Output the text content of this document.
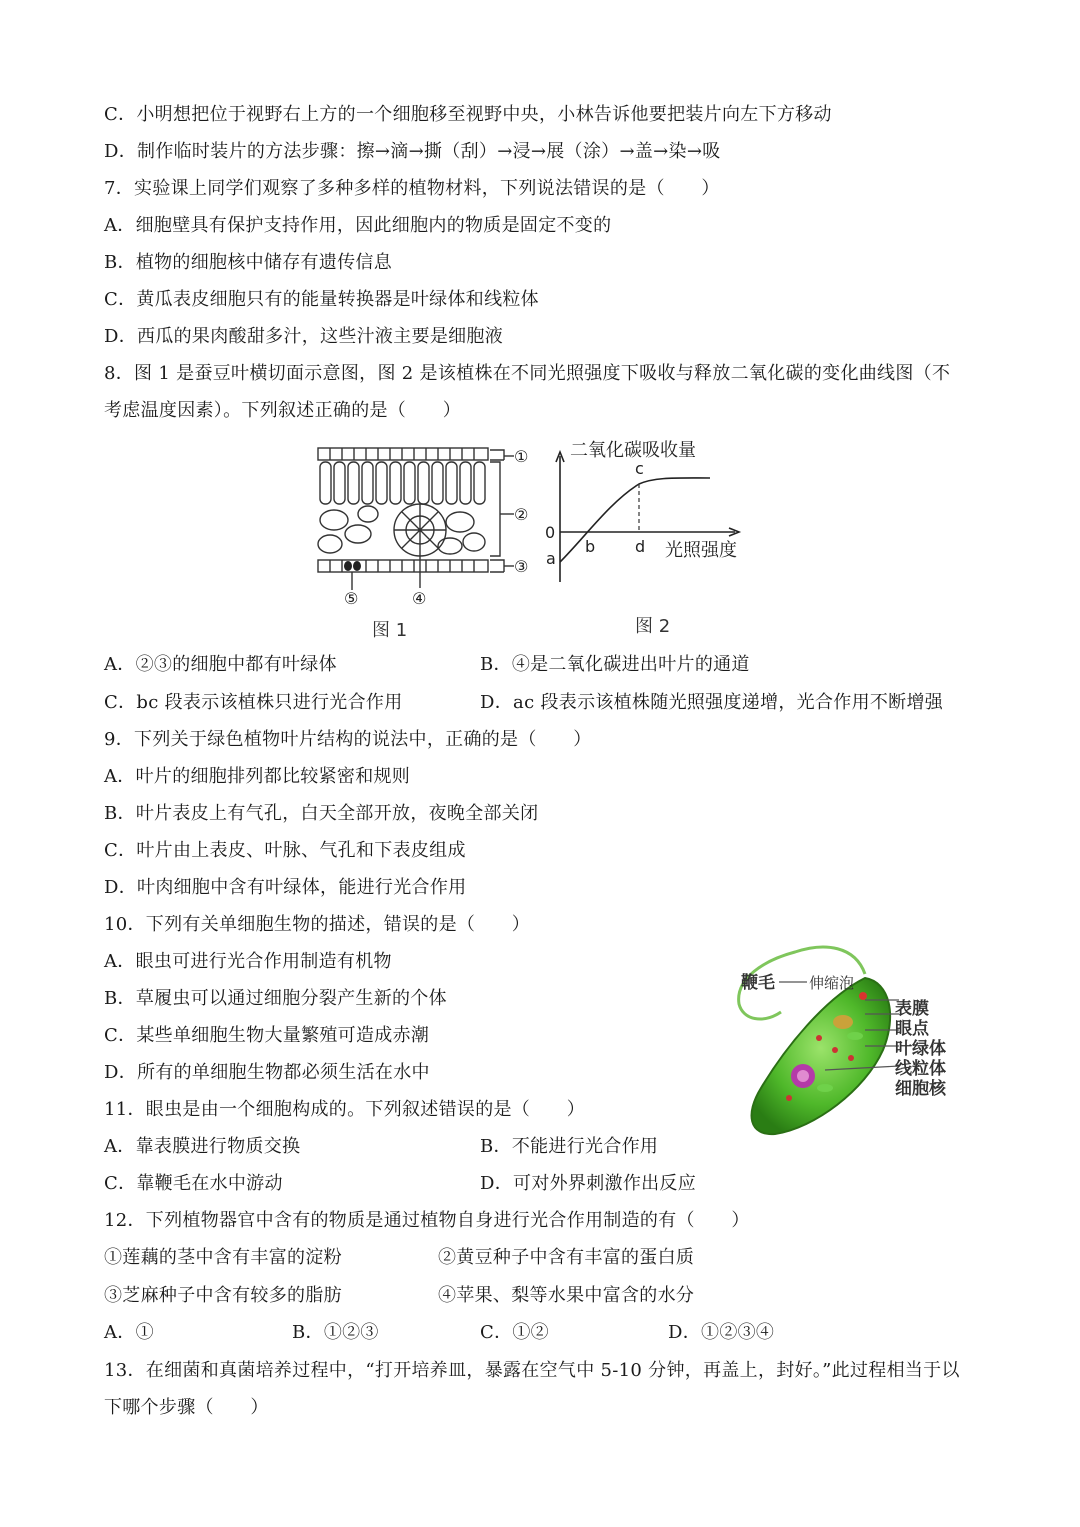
C．小明想把位于视野右上方的一个细胞移至视野中央，小林告诉他要把装片向左下方移动
D．制作临时装片的方法步骤：擦→滴→撕（刮）→浸→展（涂）→盖→染→吸
7．实验课上同学们观察了多种多样的植物材料，下列说法错误的是（　　）
A．细胞壁具有保护支持作用，因此细胞内的物质是固定不变的
B．植物的细胞核中储存有遗传信息
C．黄瓜表皮细胞只有的能量转换器是叶绿体和线粒体
D．西瓜的果肉酸甜多汁，这些汁液主要是细胞液
8．图 1 是蚕豆叶横切面示意图，图 2 是该植株在不同光照强度下吸收与释放二氧化碳的变化曲线图（不
考虑温度因素）。下列叙述正确的是（　　）
①
②
③
④
⑤
图 1
二氧化碳吸收量
光照强度
0
a
b
c
d
图 2
A．②③的细胞中都有叶绿体	B．④是二氧化碳进出叶片的通道
C．bc 段表示该植株只进行光合作用	D．ac 段表示该植株随光照强度递增，光合作用不断增强
9．下列关于绿色植物叶片结构的说法中，正确的是（　　）
A．叶片的细胞排列都比较紧密和规则
B．叶片表皮上有气孔，白天全部开放，夜晚全部关闭
C．叶片由上表皮、叶脉、气孔和下表皮组成
D．叶肉细胞中含有叶绿体，能进行光合作用
10．下列有关单细胞生物的描述，错误的是（　　）
A．眼虫可进行光合作用制造有机物
B．草履虫可以通过细胞分裂产生新的个体
C．某些单细胞生物大量繁殖可造成赤潮
D．所有的单细胞生物都必须生活在水中
鞭毛 伸缩泡
表膜
眼点
叶绿体
线粒体
细胞核
11．眼虫是由一个细胞构成的。下列叙述错误的是（　　）
A．靠表膜进行物质交换	B．不能进行光合作用
C．靠鞭毛在水中游动	D．可对外界刺激作出反应
12．下列植物器官中含有的物质是通过植物自身进行光合作用制造的有（　　）
①莲藕的茎中含有丰富的淀粉	②黄豆种子中含有丰富的蛋白质
③芝麻种子中含有较多的脂肪	④苹果、梨等水果中富含的水分
A．①	B．①②③	C．①②	D．①②③④
13．在细菌和真菌培养过程中，“打开培养皿，暴露在空气中 5-10 分钟，再盖上，封好。”此过程相当于以
下哪个步骤（　　）
